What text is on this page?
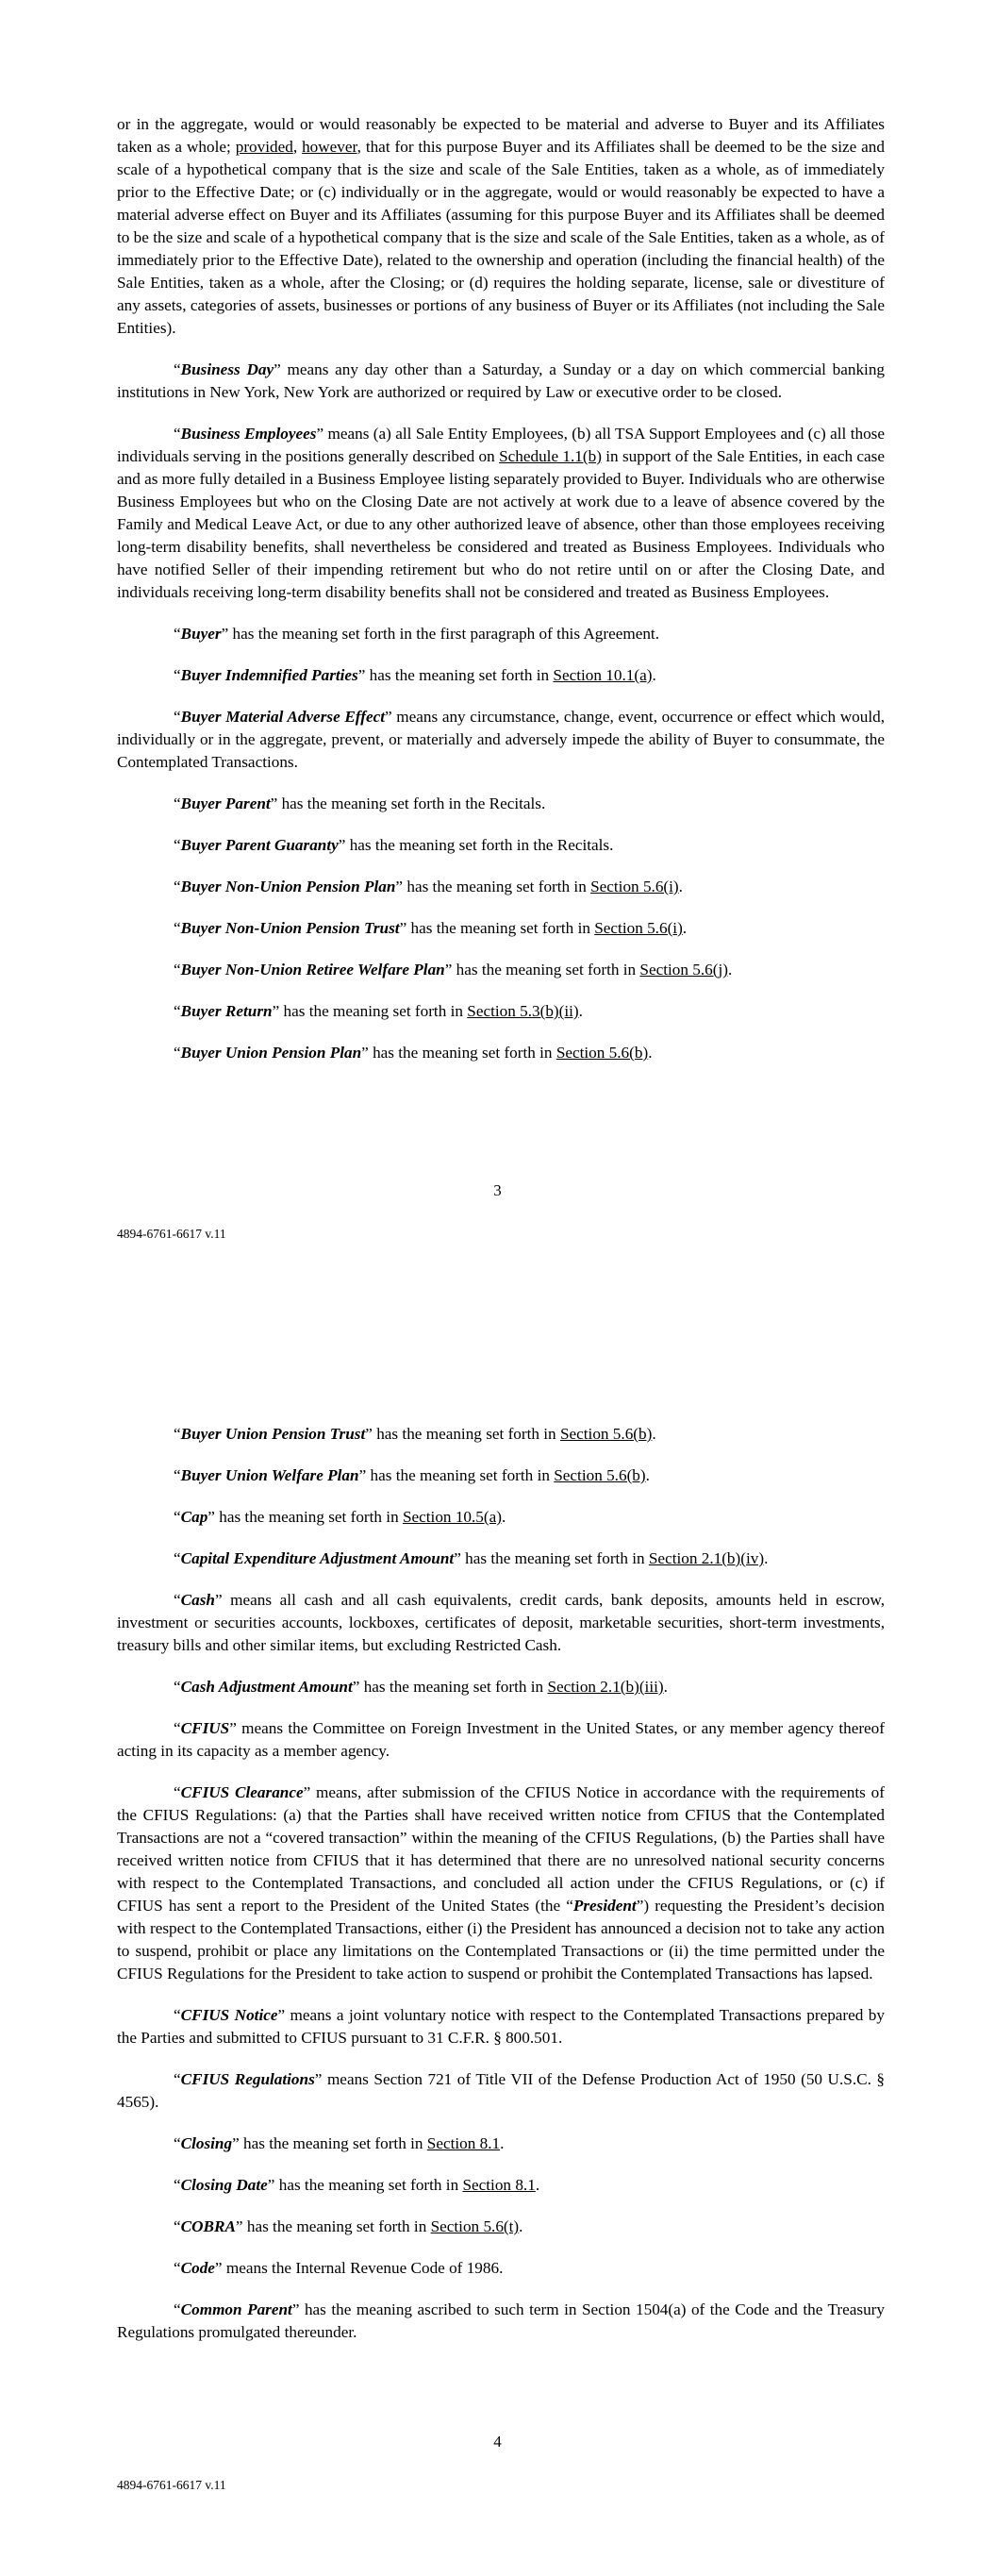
or in the aggregate, would or would reasonably be expected to be material and adverse to Buyer and its Affiliates taken as a whole; provided, however, that for this purpose Buyer and its Affiliates shall be deemed to be the size and scale of a hypothetical company that is the size and scale of the Sale Entities, taken as a whole, as of immediately prior to the Effective Date; or (c) individually or in the aggregate, would or would reasonably be expected to have a material adverse effect on Buyer and its Affiliates (assuming for this purpose Buyer and its Affiliates shall be deemed to be the size and scale of a hypothetical company that is the size and scale of the Sale Entities, taken as a whole, as of immediately prior to the Effective Date), related to the ownership and operation (including the financial health) of the Sale Entities, taken as a whole, after the Closing; or (d) requires the holding separate, license, sale or divestiture of any assets, categories of assets, businesses or portions of any business of Buyer or its Affiliates (not including the Sale Entities).

“Business Day” means any day other than a Saturday, a Sunday or a day on which commercial banking institutions in New York, New York are authorized or required by Law or executive order to be closed.

“Business Employees” means (a) all Sale Entity Employees, (b) all TSA Support Employees and (c) all those individuals serving in the positions generally described on Schedule 1.1(b) in support of the Sale Entities, in each case and as more fully detailed in a Business Employee listing separately provided to Buyer. Individuals who are otherwise Business Employees but who on the Closing Date are not actively at work due to a leave of absence covered by the Family and Medical Leave Act, or due to any other authorized leave of absence, other than those employees receiving long-term disability benefits, shall nevertheless be considered and treated as Business Employees. Individuals who have notified Seller of their impending retirement but who do not retire until on or after the Closing Date, and individuals receiving long-term disability benefits shall not be considered and treated as Business Employees.

“Buyer” has the meaning set forth in the first paragraph of this Agreement.

“Buyer Indemnified Parties” has the meaning set forth in Section 10.1(a).

“Buyer Material Adverse Effect” means any circumstance, change, event, occurrence or effect which would, individually or in the aggregate, prevent, or materially and adversely impede the ability of Buyer to consummate, the Contemplated Transactions.

“Buyer Parent” has the meaning set forth in the Recitals.

“Buyer Parent Guaranty” has the meaning set forth in the Recitals.

“Buyer Non-Union Pension Plan” has the meaning set forth in Section 5.6(i).

“Buyer Non-Union Pension Trust” has the meaning set forth in Section 5.6(i).

“Buyer Non-Union Retiree Welfare Plan” has the meaning set forth in Section 5.6(j).

“Buyer Return” has the meaning set forth in Section 5.3(b)(ii).

“Buyer Union Pension Plan” has the meaning set forth in Section 5.6(b).

3
4894-6761-6617 v.11

“Buyer Union Pension Trust” has the meaning set forth in Section 5.6(b).

“Buyer Union Welfare Plan” has the meaning set forth in Section 5.6(b).

“Cap” has the meaning set forth in Section 10.5(a).

“Capital Expenditure Adjustment Amount” has the meaning set forth in Section 2.1(b)(iv).

“Cash” means all cash and all cash equivalents, credit cards, bank deposits, amounts held in escrow, investment or securities accounts, lockboxes, certificates of deposit, marketable securities, short-term investments, treasury bills and other similar items, but excluding Restricted Cash.

“Cash Adjustment Amount” has the meaning set forth in Section 2.1(b)(iii).

“CFIUS” means the Committee on Foreign Investment in the United States, or any member agency thereof acting in its capacity as a member agency.

“CFIUS Clearance” means, after submission of the CFIUS Notice in accordance with the requirements of the CFIUS Regulations: (a) that the Parties shall have received written notice from CFIUS that the Contemplated Transactions are not a “covered transaction” within the meaning of the CFIUS Regulations, (b) the Parties shall have received written notice from CFIUS that it has determined that there are no unresolved national security concerns with respect to the Contemplated Transactions, and concluded all action under the CFIUS Regulations, or (c) if CFIUS has sent a report to the President of the United States (the “President”) requesting the President’s decision with respect to the Contemplated Transactions, either (i) the President has announced a decision not to take any action to suspend, prohibit or place any limitations on the Contemplated Transactions or (ii) the time permitted under the CFIUS Regulations for the President to take action to suspend or prohibit the Contemplated Transactions has lapsed.

“CFIUS Notice” means a joint voluntary notice with respect to the Contemplated Transactions prepared by the Parties and submitted to CFIUS pursuant to 31 C.F.R. § 800.501.

“CFIUS Regulations” means Section 721 of Title VII of the Defense Production Act of 1950 (50 U.S.C. § 4565).

“Closing” has the meaning set forth in Section 8.1.

“Closing Date” has the meaning set forth in Section 8.1.

“COBRA” has the meaning set forth in Section 5.6(t).

“Code” means the Internal Revenue Code of 1986.

“Common Parent” has the meaning ascribed to such term in Section 1504(a) of the Code and the Treasury Regulations promulgated thereunder.

4
4894-6761-6617 v.11
